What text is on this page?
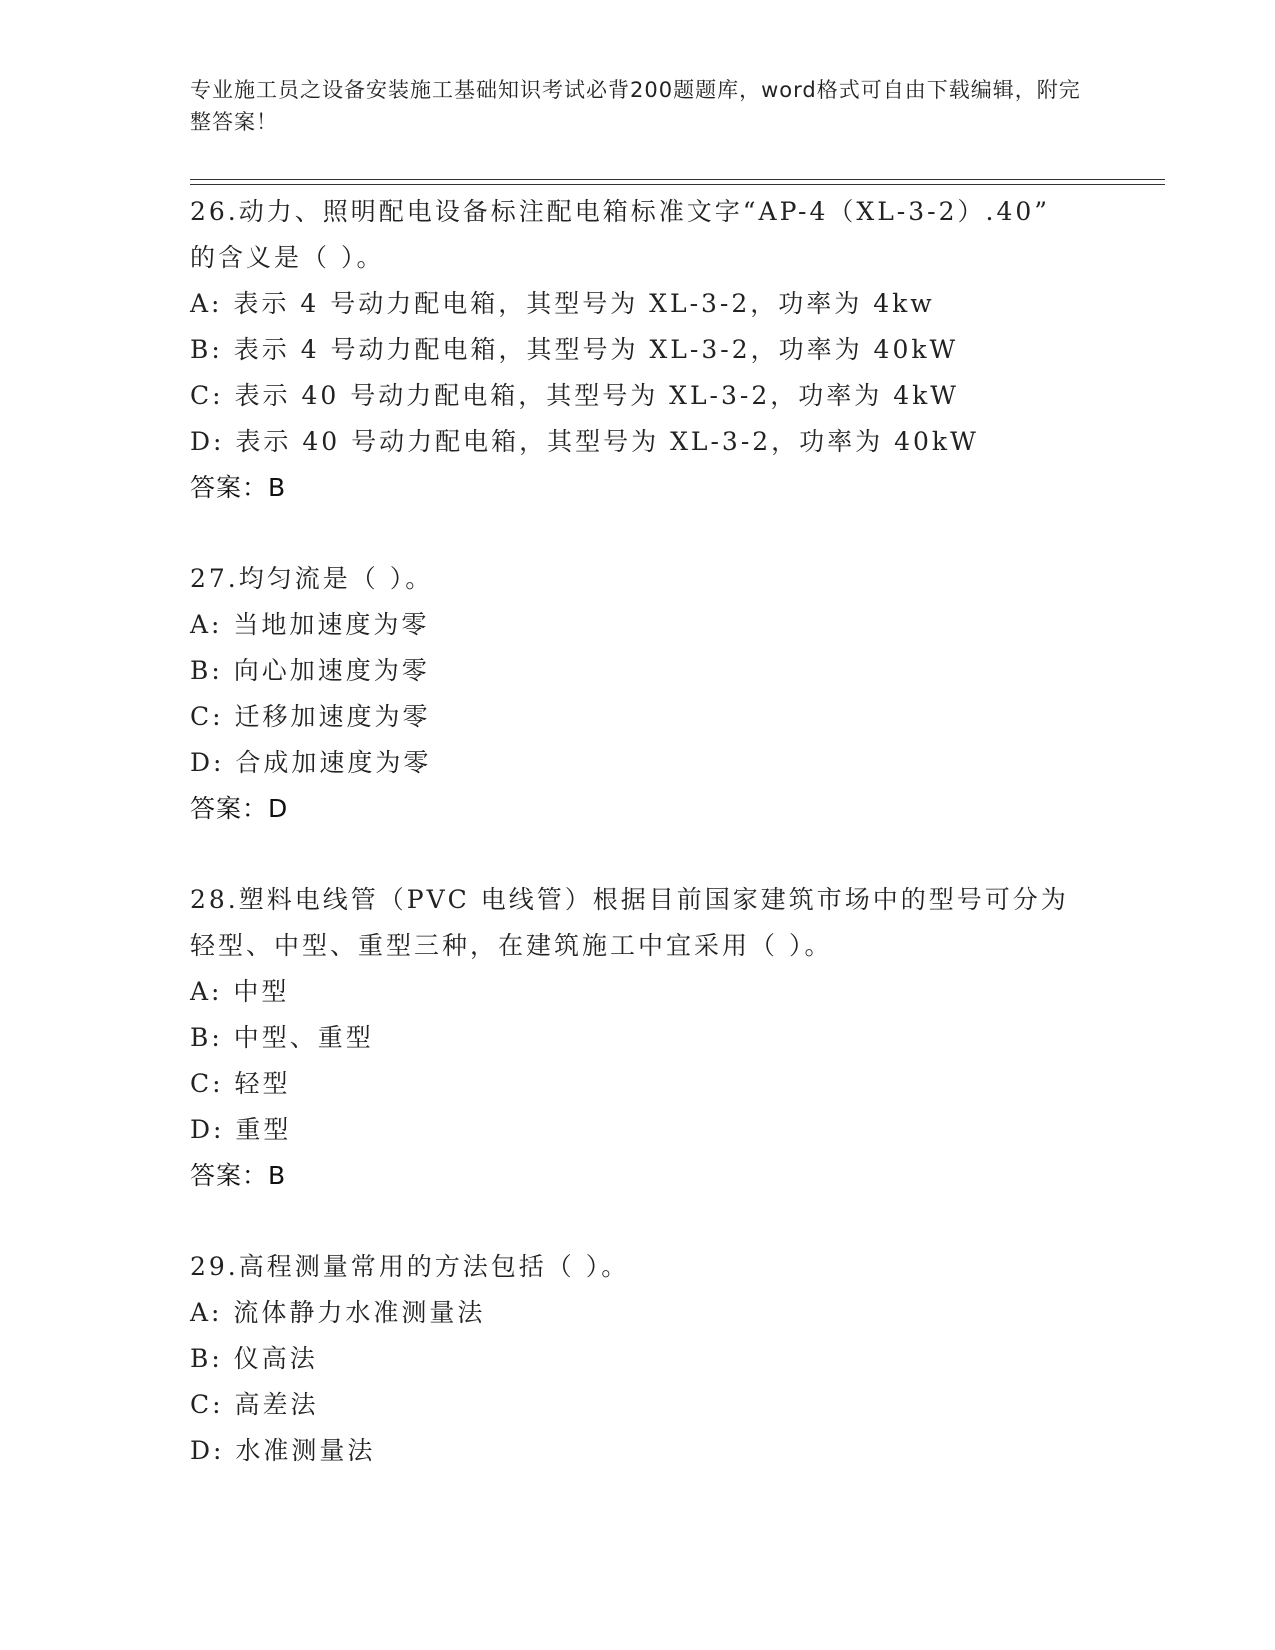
专业施工员之设备安装施工基础知识考试必背200题题库，word格式可自由下载编辑，附完整答案！
26.动力、照明配电设备标注配电箱标准文字“AP-4（XL-3-2）.40”
的含义是（ ）。
A: 表示 4 号动力配电箱，其型号为 XL-3-2，功率为 4kw
B: 表示 4 号动力配电箱，其型号为 XL-3-2，功率为 40kW
C: 表示 40 号动力配电箱，其型号为 XL-3-2，功率为 4kW
D: 表示 40 号动力配电箱，其型号为 XL-3-2，功率为 40kW
答案：B
27.均匀流是（ ）。
A: 当地加速度为零
B: 向心加速度为零
C: 迁移加速度为零
D: 合成加速度为零
答案：D
28.塑料电线管（PVC 电线管）根据目前国家建筑市场中的型号可分为
轻型、中型、重型三种，在建筑施工中宜采用（ ）。
A: 中型
B: 中型、重型
C: 轻型
D: 重型
答案：B
29.高程测量常用的方法包括（ ）。
A: 流体静力水准测量法
B: 仪高法
C: 高差法
D: 水准测量法
